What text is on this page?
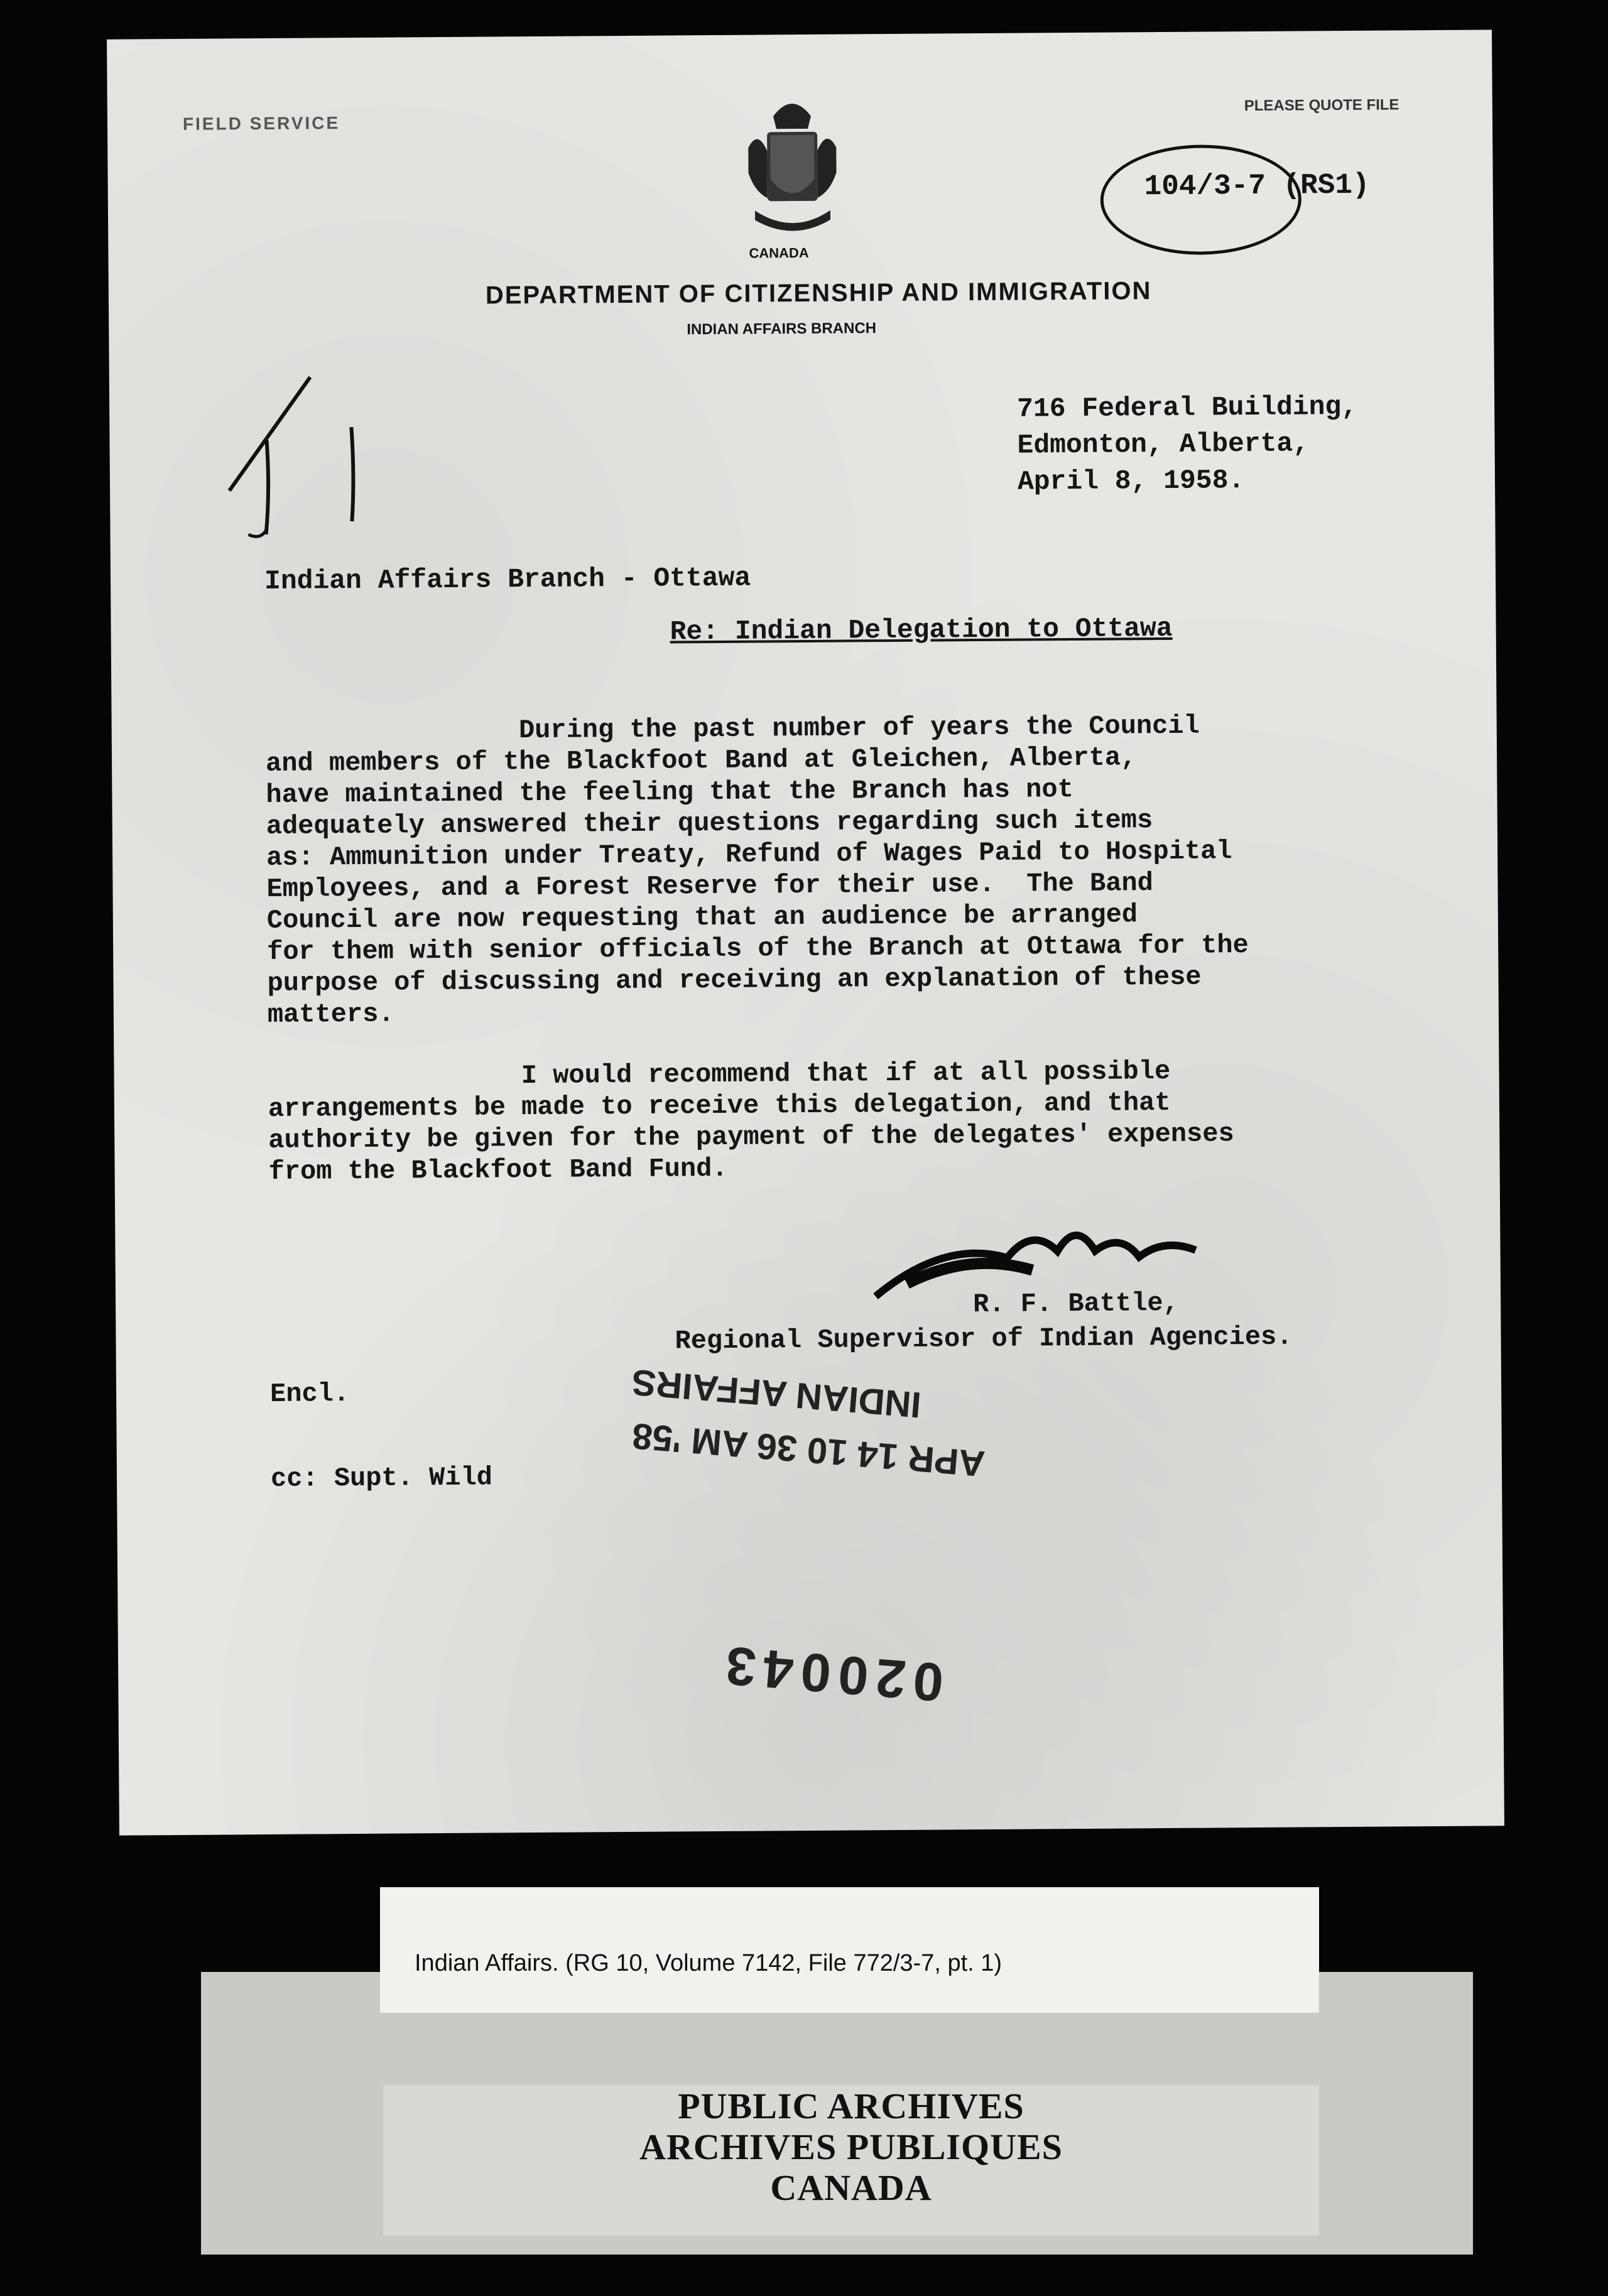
FIELD SERVICE
PLEASE QUOTE FILE
104/3-7 (RS1)
CANADA
DEPARTMENT OF CITIZENSHIP AND IMMIGRATION
INDIAN AFFAIRS BRANCH
716 Federal Building,
Edmonton, Alberta,
April 8, 1958.
Indian Affairs Branch - Ottawa
Re: Indian Delegation to Ottawa
During the past number of years the Council
and members of the Blackfoot Band at Gleichen, Alberta,
have maintained the feeling that the Branch has not
adequately answered their questions regarding such items
as: Ammunition under Treaty, Refund of Wages Paid to Hospital
Employees, and a Forest Reserve for their use.  The Band
Council are now requesting that an audience be arranged
for them with senior officials of the Branch at Ottawa for the
purpose of discussing and receiving an explanation of these
matters.
I would recommend that if at all possible
arrangements be made to receive this delegation, and that
authority be given for the payment of the delegates' expenses
from the Blackfoot Band Fund.
R. F. Battle,
Regional Supervisor of Indian Agencies.
Encl.
cc: Supt. Wild
INDIAN AFFAIRS
APR 14 10 36 AM '58
020043
PUBLIC ARCHIVES
ARCHIVES PUBLIQUES
CANADA
Indian Affairs. (RG 10, Volume 7142, File 772/3-7, pt. 1)
